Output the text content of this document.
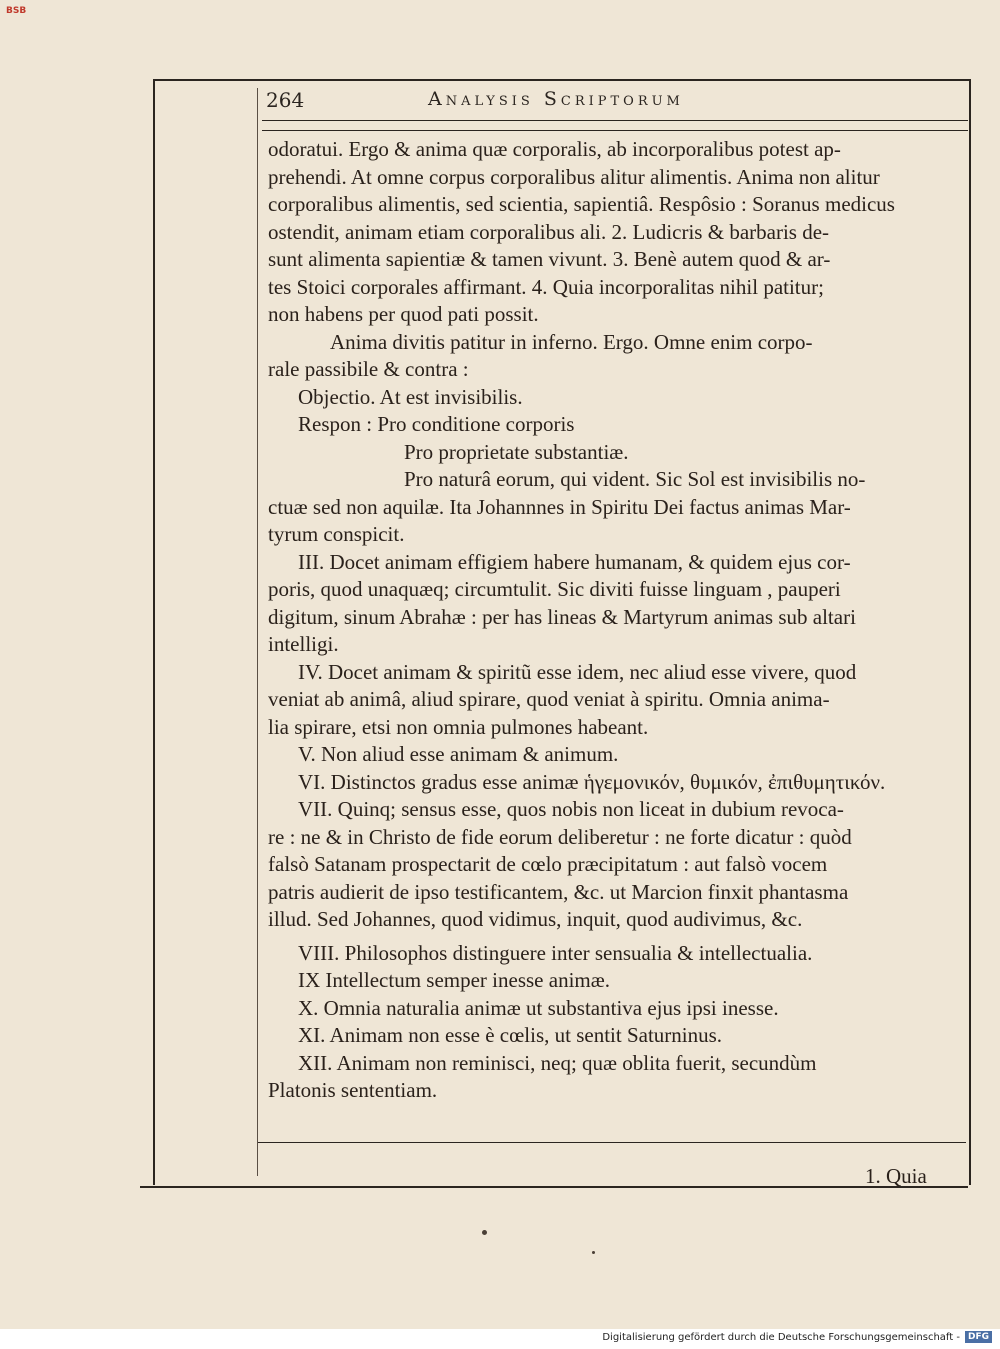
BSB
264	Analysis Scriptorum
odoratui. Ergo & anima quæ corporalis, ab incorporalibus potest ap-
prehendi. At omne corpus corporalibus alitur alimentis. Anima non alitur
corporalibus alimentis, sed scientia, sapientiâ. Respôsio : Soranus medicus
ostendit, animam etiam corporalibus ali. 2. Ludicris & barbaris de-
sunt alimenta sapientiæ & tamen vivunt. 3. Benè autem quod & ar-
tes Stoici corporales affirmant. 4. Quia incorporalitas nihil patitur;
non habens per quod pati possit.
Anima divitis patitur in inferno. Ergo. Omne enim corpo-
rale passibile & contra :
Objectio. At est invisibilis.
Respon : Pro conditione corporis
Pro proprietate substantiæ.
Pro naturâ eorum, qui vident. Sic Sol est invisibilis no-
ctuæ sed non aquilæ. Ita Johannnes in Spiritu Dei factus animas Mar-
tyrum conspicit.
III. Docet animam effigiem habere humanam, & quidem ejus cor-
poris, quod unaquæq; circumtulit. Sic diviti fuisse linguam , pauperi
digitum, sinum Abrahæ : per has lineas & Martyrum animas sub altari
intelligi.
IV. Docet animam & spiritũ esse idem, nec aliud esse vivere, quod
veniat ab animâ, aliud spirare, quod veniat à spiritu. Omnia anima-
lia spirare, etsi non omnia pulmones habeant.
V. Non aliud esse animam & animum.
VI. Distinctos gradus esse animæ ἡγεμονικόν, θυμικόν, ἐπιθυμητικόν.
VII. Quinq; sensus esse, quos nobis non liceat in dubium revoca-
re : ne & in Christo de fide eorum deliberetur : ne forte dicatur : quòd
falsò Satanam prospectarit de cœlo præcipitatum : aut falsò vocem
patris audierit de ipso testificantem, &c. ut Marcion finxit phantasma
illud. Sed Johannes, quod vidimus, inquit, quod audivimus, &c.
VIII. Philosophos distinguere inter sensualia & intellectualia.
IX Intellectum semper inesse animæ.
X. Omnia naturalia animæ ut substantiva ejus ipsi inesse.
XI. Animam non esse è cœlis, ut sentit Saturninus.
XII. Animam non reminisci, neq; quæ oblita fuerit, secundùm
Platonis sententiam.
1. Quia
Digitalisierung gefördert durch die Deutsche Forschungsgemeinschaft - DFG
